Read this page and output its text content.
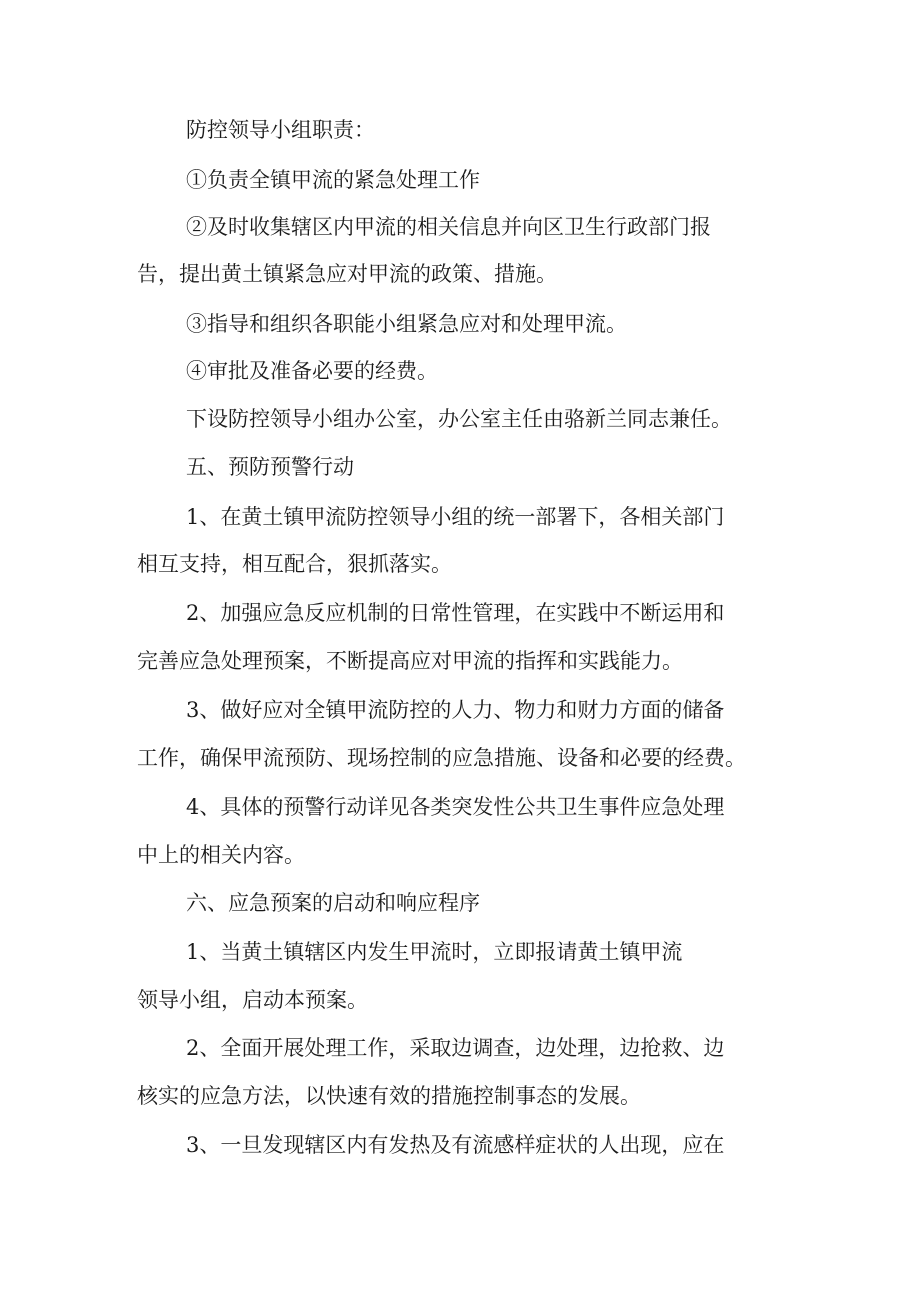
防控领导小组职责：
①负责全镇甲流的紧急处理工作
②及时收集辖区内甲流的相关信息并向区卫生行政部门报
告，提出黄土镇紧急应对甲流的政策、措施。
③指导和组织各职能小组紧急应对和处理甲流。
④审批及准备必要的经费。
下设防控领导小组办公室，办公室主任由骆新兰同志兼任。
五、预防预警行动
1、在黄土镇甲流防控领导小组的统一部署下，各相关部门
相互支持，相互配合，狠抓落实。
2、加强应急反应机制的日常性管理，在实践中不断运用和
完善应急处理预案，不断提高应对甲流的指挥和实践能力。
3、做好应对全镇甲流防控的人力、物力和财力方面的储备
工作，确保甲流预防、现场控制的应急措施、设备和必要的经费。
4、具体的预警行动详见各类突发性公共卫生事件应急处理
中上的相关内容。
六、应急预案的启动和响应程序
1、当黄土镇辖区内发生甲流时，立即报请黄土镇甲流
领导小组，启动本预案。
2、全面开展处理工作，采取边调查，边处理，边抢救、边
核实的应急方法，以快速有效的措施控制事态的发展。
3、一旦发现辖区内有发热及有流感样症状的人出现，应在
